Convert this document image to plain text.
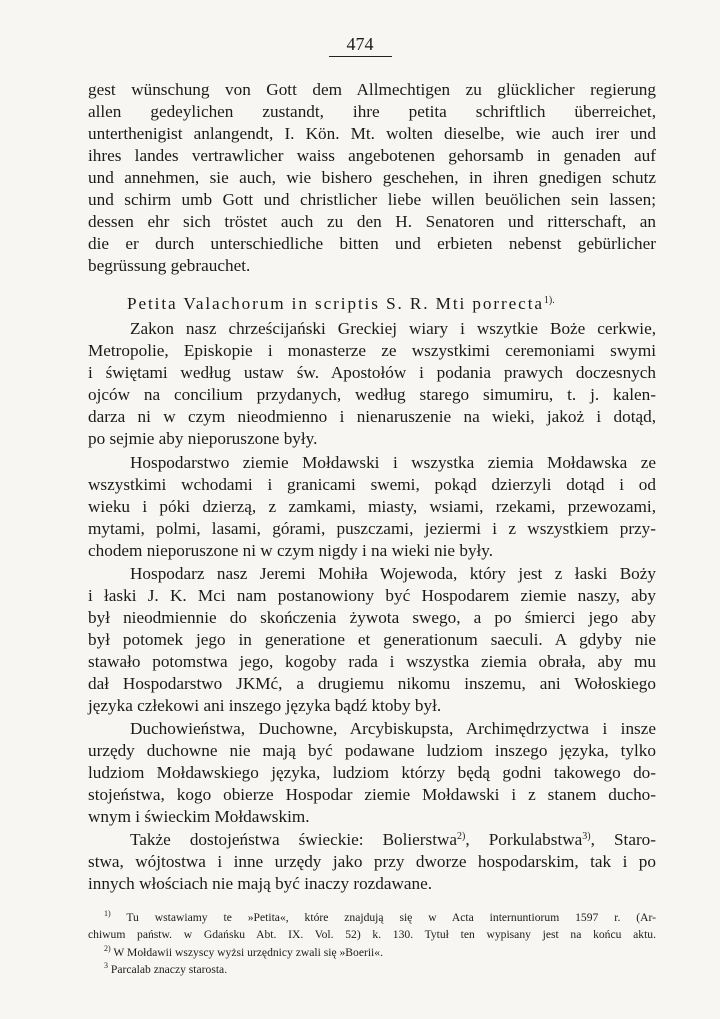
474
gest wünschung von Gott dem Allmechtigen zu glücklicher regierung
allen gedeylichen zustandt, ihre petita schriftlich überreichet,
unterthenigist anlangendt, I. Kön. Mt. wolten dieselbe, wie auch irer und
ihres landes vertrawlicher waiss angebotenen gehorsamb in genaden auf
und annehmen, sie auch, wie bishero geschehen, in ihren gnedigen schutz
und schirm umb Gott und christlicher liebe willen beuölichen sein lassen;
dessen ehr sich tröstet auch zu den H. Senatoren und ritterschaft, an
die er durch unterschiedliche bitten und erbieten nebenst gebürlicher
begrüssung gebrauchet.
Petita Valachorum in scriptis S. R. Mti porrecta$^{1).}$
Zakon nasz chrześcijański Greckiej wiary i wszytkie Boże cerkwie,
Metropolie, Episkopie i monasterze ze wszystkimi ceremoniami swymi
i świętami według ustaw św. Apostołów i podania prawych doczesnych
ojców na concilium przydanych, według starego simumiru, t. j. kalen-
darza ni w czym nieodmiennо i nienaruszenie na wieki, jakoż i dotąd,
po sejmie aby nieporuszone były.
Hospodarstwo ziemie Mołdawski i wszystka ziemia Mołdawska ze
wszystkimi wchodami i granicami swemi, pokąd dzierzyli dotąd i od
wieku i póki dzierzą, z zamkami, miasty, wsiami, rzekami, przewozami,
mytami, polmi, lasami, górami, puszczami, jeziermi i z wszystkiem przy-
chodem nieporuszone ni w czym nigdy i na wieki nie były.
Hospodarz nasz Jeremi Mohiła Wojewoda, który jest z łaski Boży
i łaski J. K. Mci nam postanowiony być Hospodarem ziemie naszy, aby
był nieodmiennie do skończenia żywota swego, a po śmierci jego aby
był potomek jego in generatione et generationum saeculi. A gdyby nie
stawało potomstwa jego, kogoby rada i wszystka ziemia obrała, aby mu
dał Hospodarstwo JKMć, a drugiemu nikomu inszemu, ani Wołoskiego
języka człekowi ani inszego języka bądź ktoby był.
Duchowieństwa, Duchowne, Arcybiskupsta, Archimędrzyctwa i insze
urzędy duchowne nie mają być podawane ludziom inszego języka, tylko
ludziom Mołdawskiego języka, ludziom którzy będą godni takowego do-
stojeństwa, kogo obierze Hospodar ziemie Mołdawski i z stanem ducho-
wnym i świeckim Mołdawskim.
Także dostojeństwa świeckie: Bolierstwa$^{2)}$, Porkulabstwa$^{3)}$, Staro-
stwa, wójtostwa i inne urzędy jako przy dworze hospodarskim, tak i po
innych włościach nie mają być inaczy rozdawane.
$^{1)}$ Tu wstawiamy te »Petita«, które znajdują się w Acta internuntiorum 1597 r. (Ar-
chiwum państw. w Gdańsku Abt. IX. Vol. 52) k. 130. Tytuł ten wypisany jest na końcu aktu.
$^{2)}$ W Mołdawii wszyscy wyżsi urzędnicy zwali się »Boerii«.
$^3$ Parcalab znaczy starosta.
